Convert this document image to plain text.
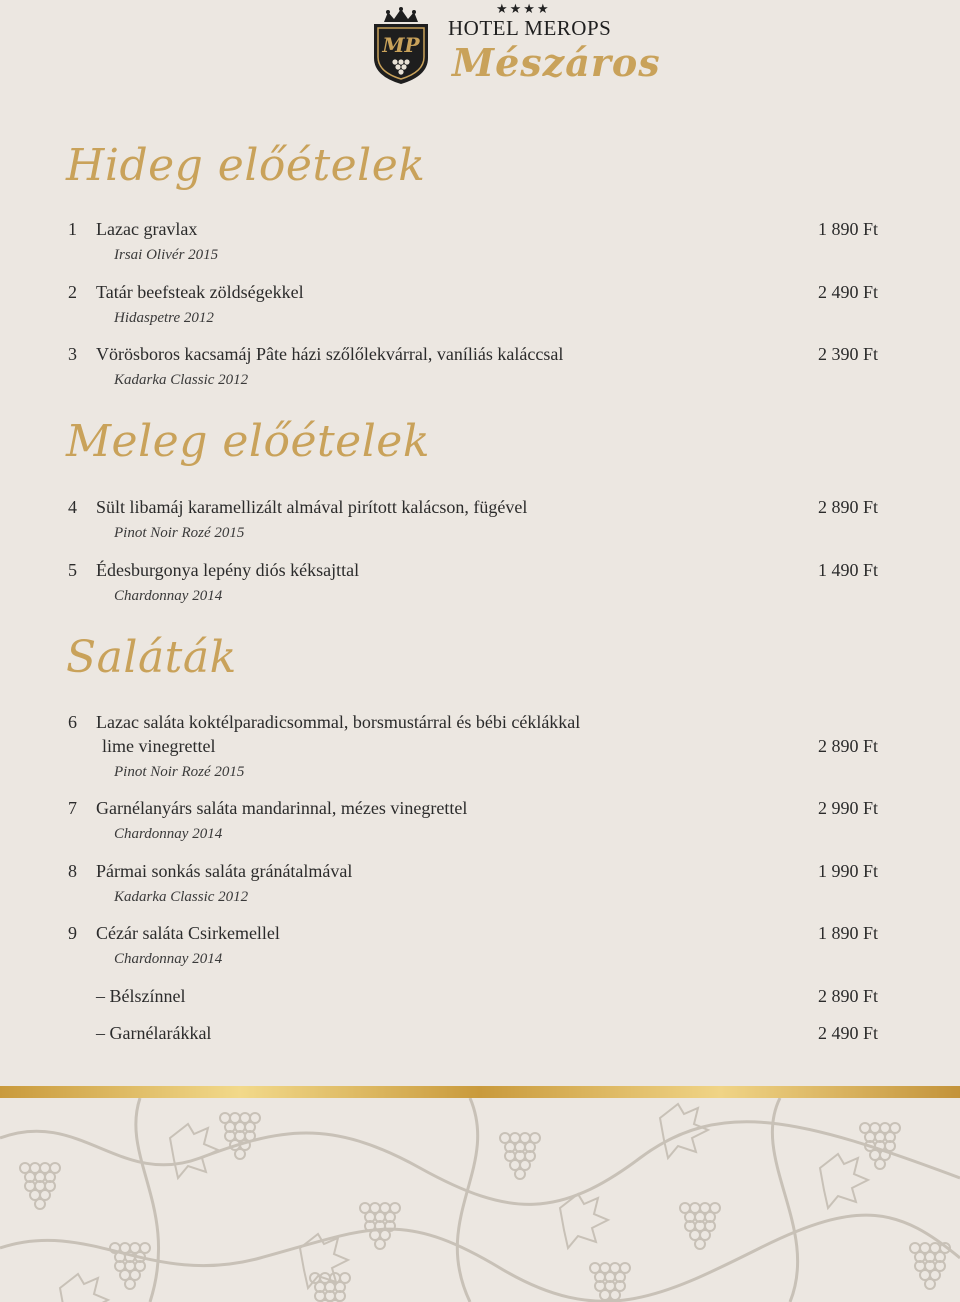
MP
★★★★
HOTEL MEROPS
Mészáros
Hideg előételek
1 Lazac gravlax	1 890 Ft
Irsai Olivér 2015
2 Tatár beefsteak zöldségekkel	2 490 Ft
Hidaspetre 2012
3 Vörösboros kacsamáj Pâte házi szőlőlekvárral, vaníliás kaláccsal	2 390 Ft
Kadarka Classic 2012
Meleg előételek
4 Sült libamáj karamellizált almával pirított kalácson, fügével	2 890 Ft
Pinot Noir Rozé 2015
5 Édesburgonya lepény diós kéksajttal	1 490 Ft
Chardonnay 2014
Saláták
6 Lazac saláta koktélparadicsommal, borsmustárral és bébi céklákkal
lime vinegrettel	2 890 Ft
Pinot Noir Rozé 2015
7 Garnélanyárs saláta mandarinnal, mézes vinegrettel	2 990 Ft
Chardonnay 2014
8 Pármai sonkás saláta gránátalmával	1 990 Ft
Kadarka Classic 2012
9 Cézár saláta Csirkemellel	1 890 Ft
Chardonnay 2014
– Bélszínnel	2 890 Ft
– Garnélarákkal	2 490 Ft
